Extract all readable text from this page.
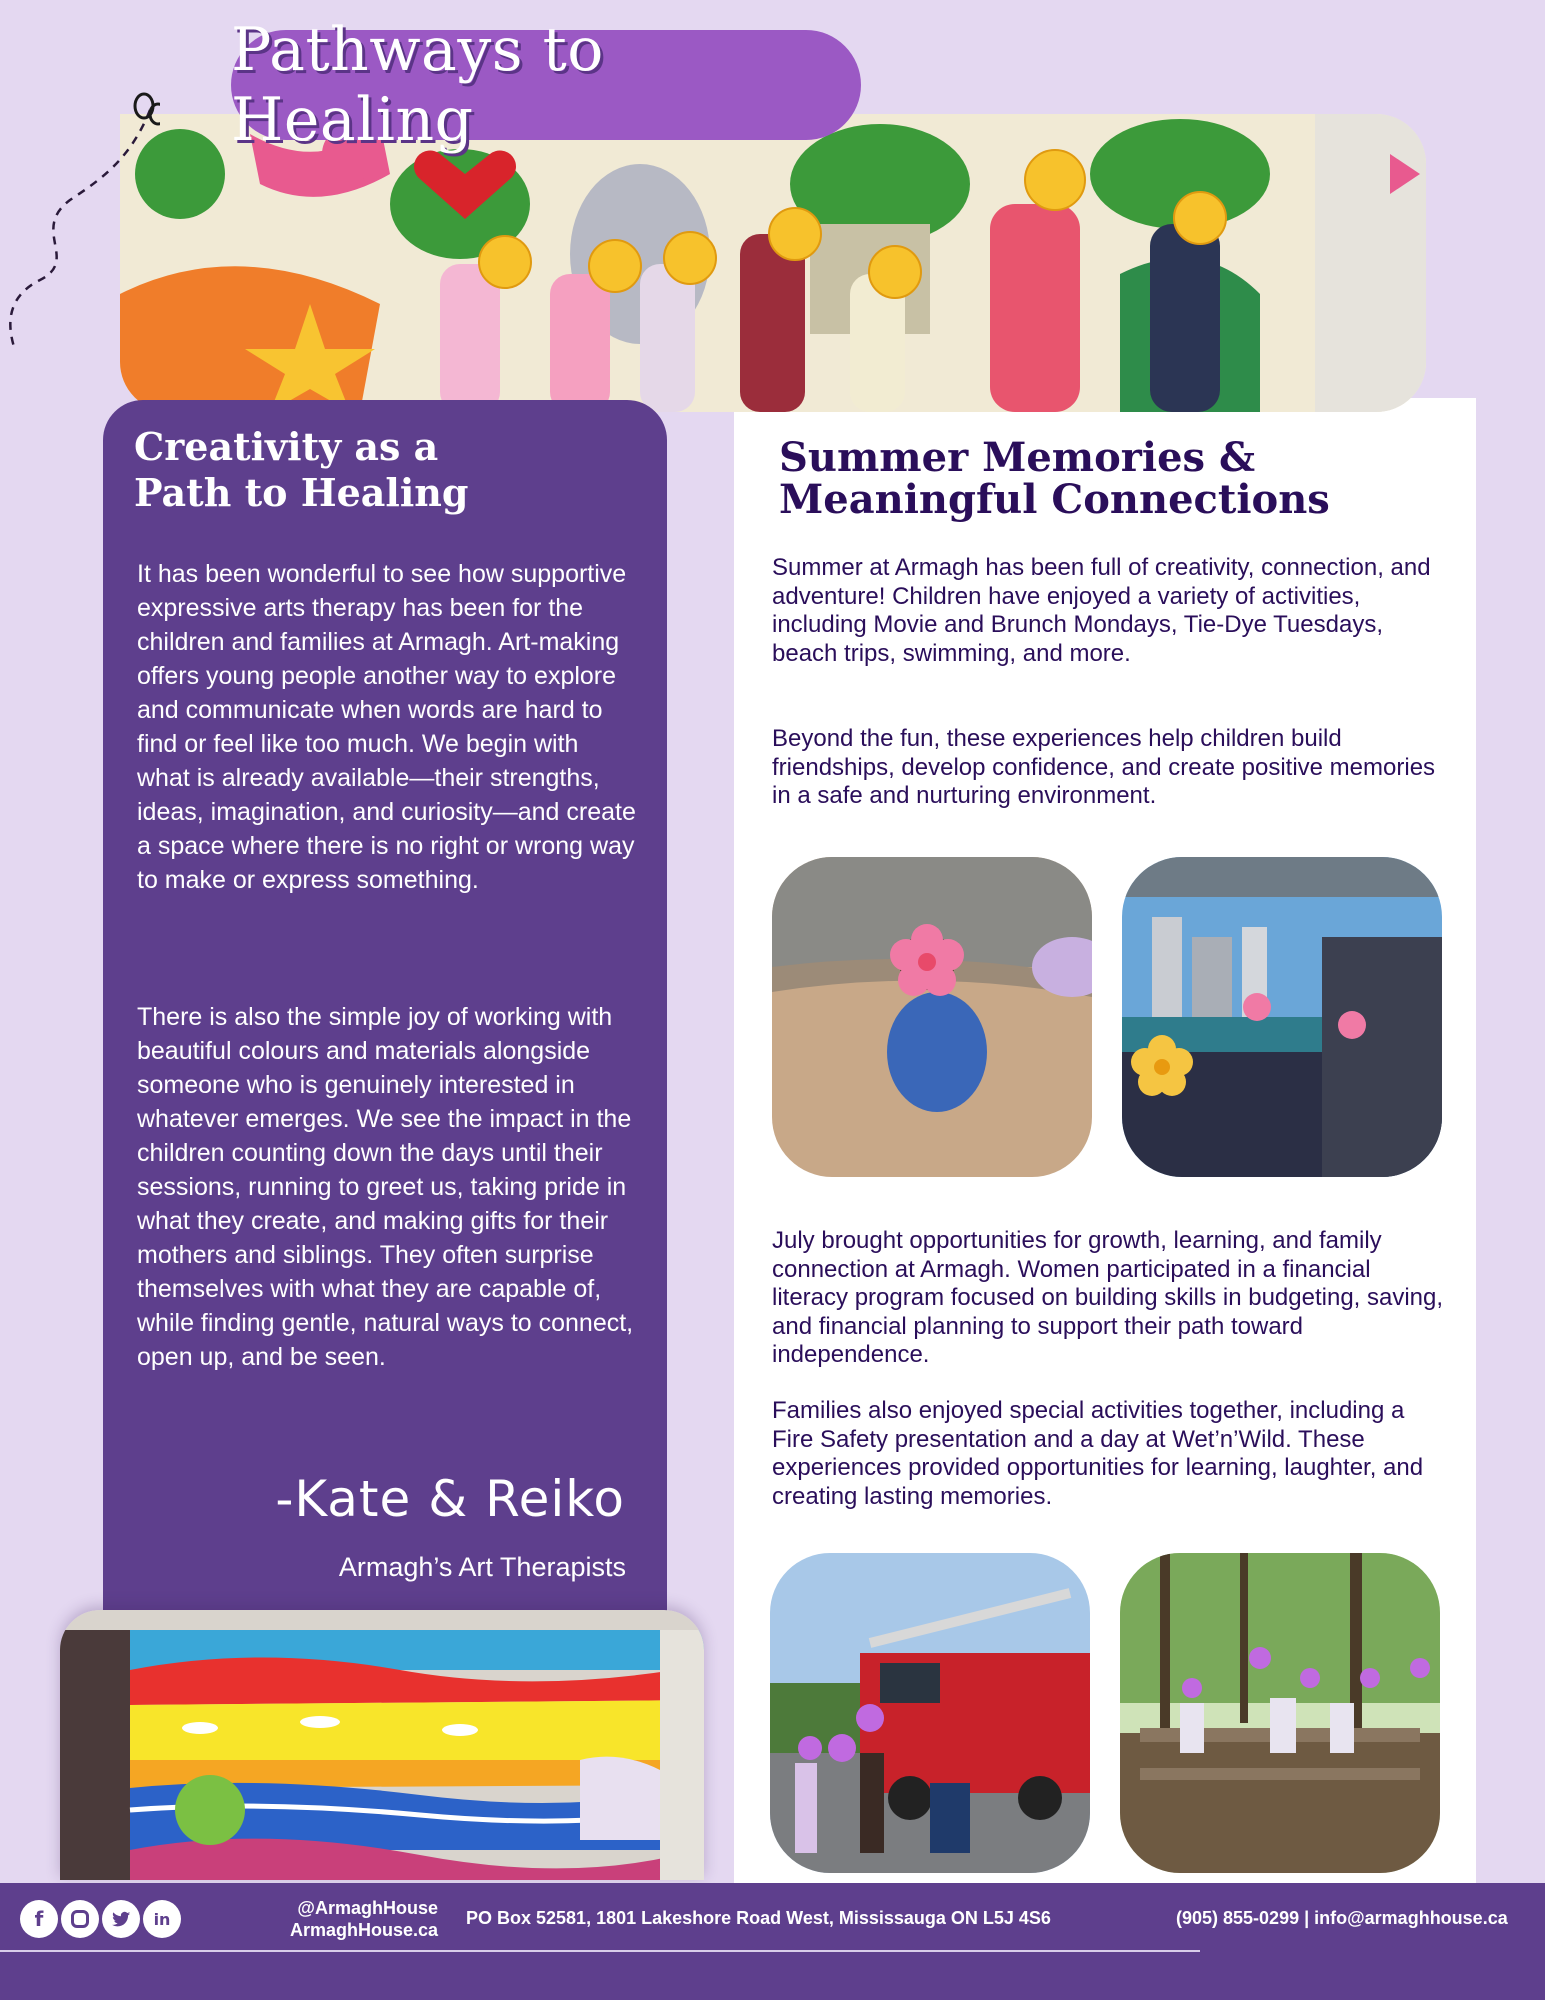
Pathways to Healing
Creativity as a
Path to Healing

It has been wonderful to see how supportive expressive arts therapy has been for the children and families at Armagh. Art-making offers young people another way to explore and communicate when words are hard to find or feel like too much. We begin with what is already available—their strengths, ideas, imagination, and curiosity—and create a space where there is no right or wrong way to make or express something.

There is also the simple joy of working with beautiful colours and materials alongside someone who is genuinely interested in whatever emerges. We see the impact in the children counting down the days until their sessions, running to greet us, taking pride in what they create, and making gifts for their mothers and siblings. They often surprise themselves with what they are capable of, while finding gentle, natural ways to connect, open up, and be seen.

-Kate & Reiko
Armagh’s Art Therapists
Summer Memories &
Meaningful Connections

Summer at Armagh has been full of creativity, connection, and adventure! Children have enjoyed a variety of activities, including Movie and Brunch Mondays, Tie-Dye Tuesdays, beach trips, swimming, and more.

Beyond the fun, these experiences help children build friendships, develop confidence, and create positive memories in a safe and nurturing environment.

July brought opportunities for growth, learning, and family connection at Armagh. Women participated in a financial literacy program focused on building skills in budgeting, saving, and financial planning to support their path toward independence.

Families also enjoyed special activities together, including a Fire Safety presentation and a day at Wet’n’Wild. These experiences provided opportunities for learning, laughter, and creating lasting memories.

f	in
@ArmaghHouse
ArmaghHouse.ca
PO Box 52581, 1801 Lakeshore Road West, Mississauga ON L5J 4S6	(905) 855-0299 | info@armaghhouse.ca
